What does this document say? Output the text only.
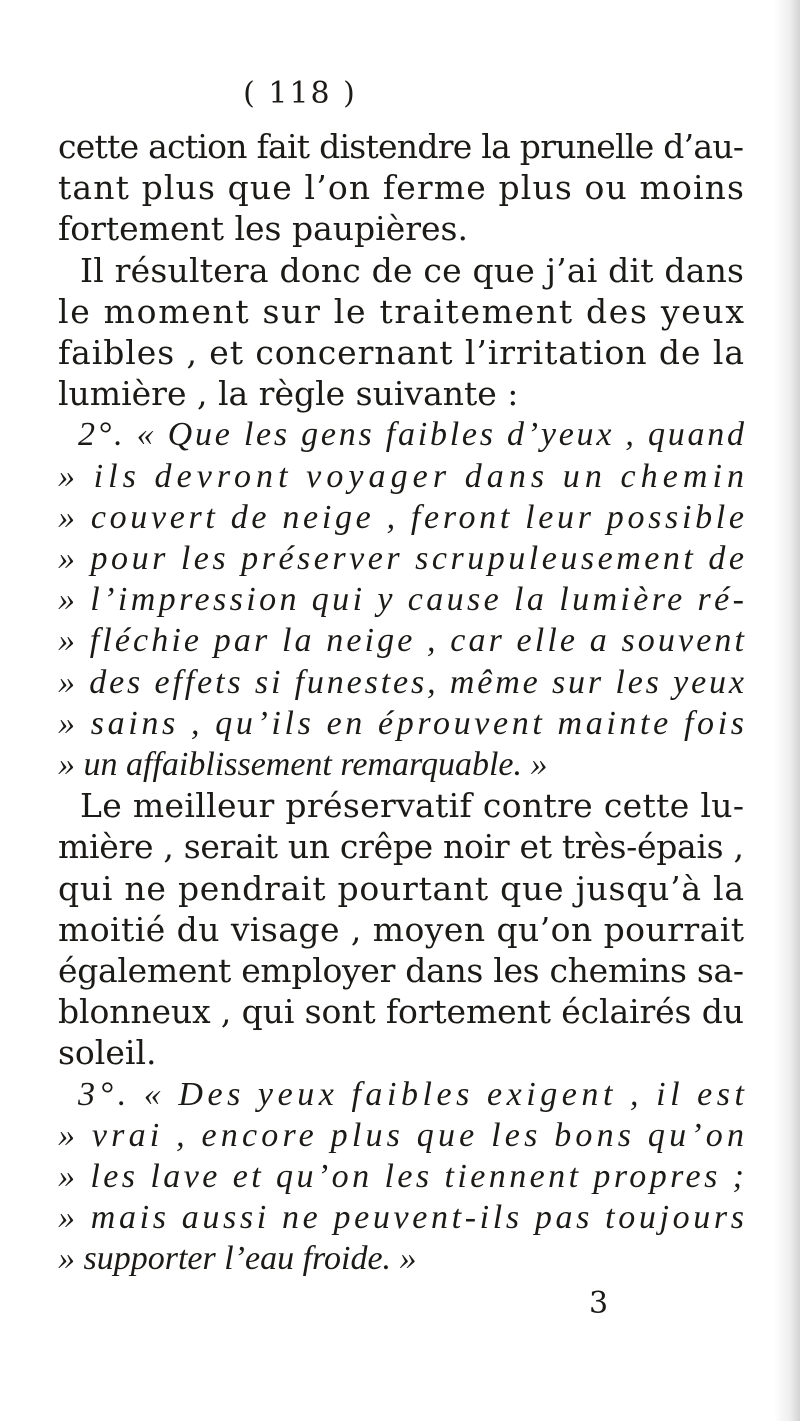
( 118 )
cette action fait distendre la prunelle d’au-
tant plus que l’on ferme plus ou moins
fortement les paupières.
Il résultera donc de ce que j’ai dit dans
le moment sur le traitement des yeux
faibles , et concernant l’irritation de la
lumière , la règle suivante :
2°. « Que les gens faibles d’yeux , quand
» ils devront voyager dans un chemin
» couvert de neige , feront leur possible
» pour les préserver scrupuleusement de
» l’impression qui y cause la lumière ré-
» fléchie par la neige , car elle a souvent
» des effets si funestes, même sur les yeux
» sains , qu’ils en éprouvent mainte fois
» un affaiblissement remarquable. »
Le meilleur préservatif contre cette lu-
mière , serait un crêpe noir et très-épais ,
qui ne pendrait pourtant que jusqu’à la
moitié du visage , moyen qu’on pourrait
également employer dans les chemins sa-
blonneux , qui sont fortement éclairés du
soleil.
3°. « Des yeux faibles exigent , il est
» vrai , encore plus que les bons qu’on
» les lave et qu’on les tiennent propres ;
» mais aussi ne peuvent-ils pas toujours
» supporter l’eau froide. »
3
